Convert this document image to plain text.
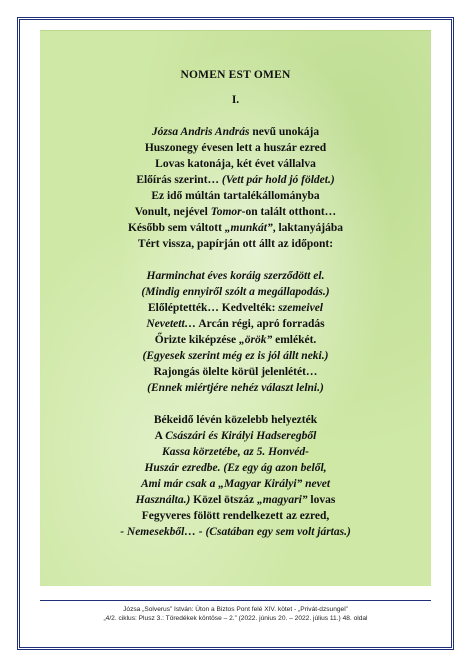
NOMEN EST OMEN
I.
Józsa Andris András nevű unokája
Huszonegy évesen lett a huszár ezred
Lovas katonája, két évet vállalva
Előírás szerint… (Vett pár hold jó földet.)
Ez idő múltán tartalékállományba
Vonult, nejével Tomor-on talált otthont…
Később sem váltott „munkát”, laktanyájába
Tért vissza, papírján ott állt az időpont:
Harminchat éves koráig szerződött el.
(Mindig ennyiről szólt a megállapodás.)
Előléptették… Kedvelték: szemeivel
Nevetett… Arcán régi, apró forradás
Őrizte kiképzése „örök” emlékét.
(Egyesek szerint még ez is jól állt neki.)
Rajongás ölelte körül jelenlétét…
(Ennek miértjére nehéz választ lelni.)
Békeidő lévén közelebb helyezték
A Császári és Királyi Hadseregből
Kassa körzetébe, az 5. Honvéd-
Huszár ezredbe. (Ez egy ág azon belől,
Ami már csak a „Magyar Királyi” nevet
Használta.) Közel ötszáz „magyari” lovas
Fegyveres fölött rendelkezett az ezred,
- Nemesekből… - (Csatában egy sem volt jártas.)
Józsa „Solverus” István: Úton a Biztos Pont felé XIV. kötet - „Privát-dzsungel”
„4/2. ciklus: Plusz 3.: Töredékek köntöse – 2.” (2022. június 20. – 2022. július 11.) 48. oldal
